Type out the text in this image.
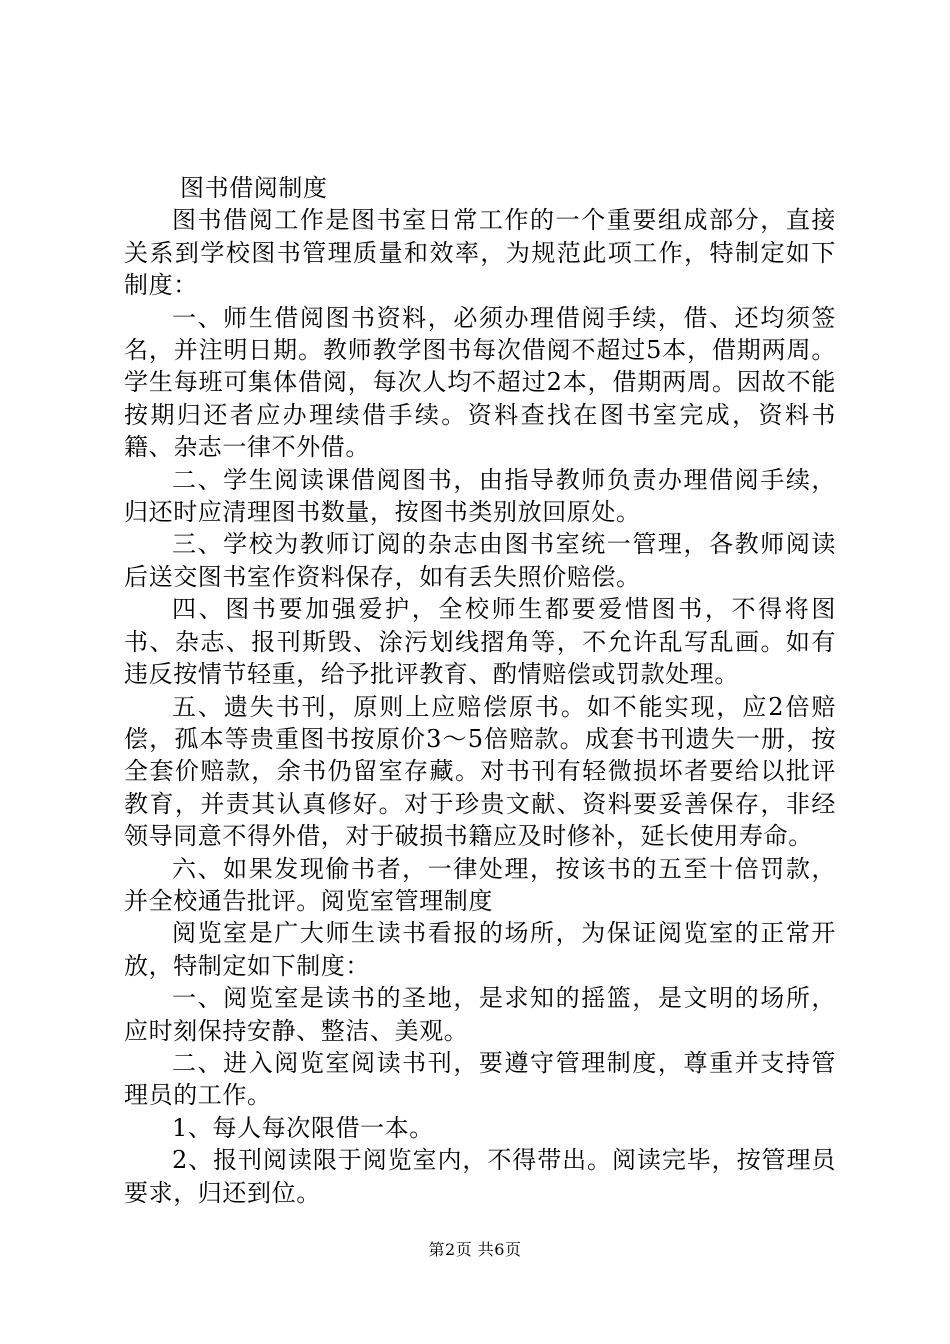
图书借阅制度

图书借阅工作是图书室日常工作的一个重要组成部分，直接关系到学校图书管理质量和效率，为规范此项工作，特制定如下制度：

一、师生借阅图书资料，必须办理借阅手续，借、还均须签名，并注明日期。教师教学图书每次借阅不超过5本，借期两周。学生每班可集体借阅，每次人均不超过2本，借期两周。因故不能按期归还者应办理续借手续。资料查找在图书室完成，资料书籍、杂志一律不外借。

二、学生阅读课借阅图书，由指导教师负责办理借阅手续，归还时应清理图书数量，按图书类别放回原处。

三、学校为教师订阅的杂志由图书室统一管理，各教师阅读后送交图书室作资料保存，如有丢失照价赔偿。

四、图书要加强爱护，全校师生都要爱惜图书，不得将图书、杂志、报刊斯毁、涂污划线摺角等，不允许乱写乱画。如有违反按情节轻重，给予批评教育、酌情赔偿或罚款处理。

五、遗失书刊，原则上应赔偿原书。如不能实现，应2倍赔偿，孤本等贵重图书按原价3～5倍赔款。成套书刊遗失一册，按全套价赔款，余书仍留室存藏。对书刊有轻微损坏者要给以批评教育，并责其认真修好。对于珍贵文献、资料要妥善保存，非经领导同意不得外借，对于破损书籍应及时修补，延长使用寿命。

六、如果发现偷书者，一律处理，按该书的五至十倍罚款，并全校通告批评。阅览室管理制度

阅览室是广大师生读书看报的场所，为保证阅览室的正常开放，特制定如下制度：

一、阅览室是读书的圣地，是求知的摇篮，是文明的场所，应时刻保持安静、整洁、美观。

二、进入阅览室阅读书刊，要遵守管理制度，尊重并支持管理员的工作。

1、每人每次限借一本。

2、报刊阅读限于阅览室内，不得带出。阅读完毕，按管理员要求，归还到位。

第2页 共6页
